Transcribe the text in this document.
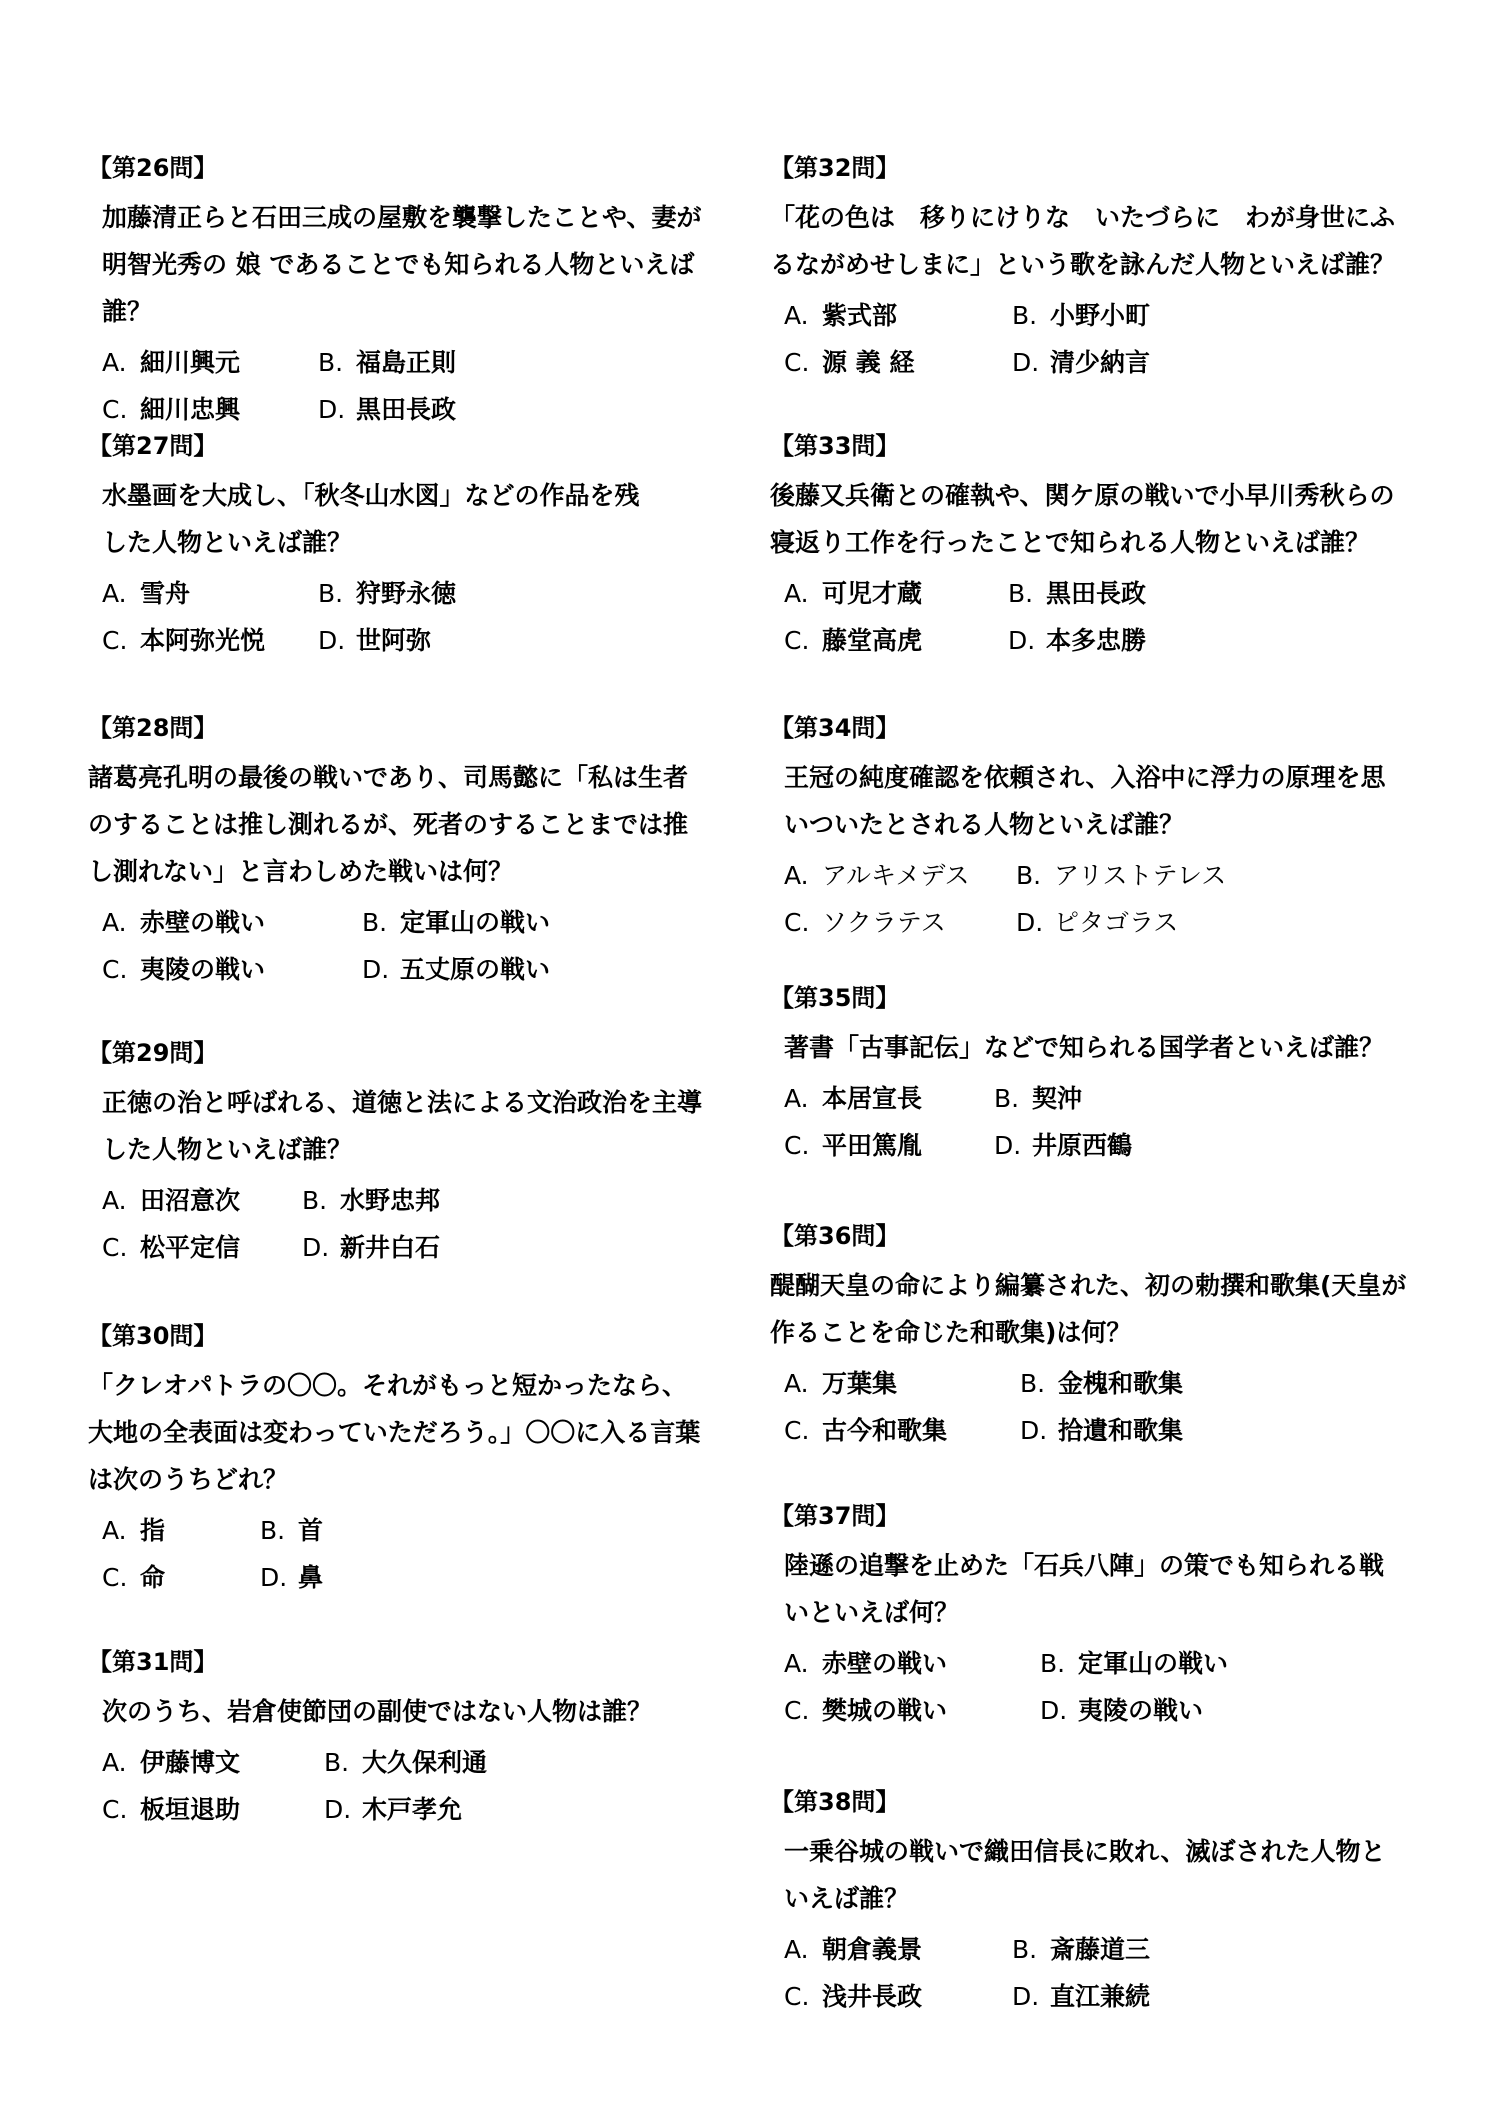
【第26問】
加藤清正らと石田三成の屋敷を襲撃したことや、妻が明智光秀の 娘 であることでも知られる人物といえば誰？
A. 細川興元	B. 福島正則
C. 細川忠興	D. 黒田長政
【第27問】
水墨画を大成し、「秋冬山水図」などの作品を残した人物といえば誰？
A. 雪舟	B. 狩野永徳
C. 本阿弥光悦 D. 世阿弥
【第28問】
諸葛亮孔明の最後の戦いであり、司馬懿に「私は生者のすることは推し測れるが、死者のすることまでは推し測れない」と言わしめた戦いは何？
A. 赤壁の戦い	B. 定軍山の戦い
C. 夷陵の戦い	D. 五丈原の戦い
【第29問】
正徳の治と呼ばれる、道徳と法による文治政治を主導した人物といえば誰？
A. 田沼意次 B. 水野忠邦
C. 松平定信 D. 新井白石
【第30問】
「クレオパトラの〇〇。それがもっと短かったなら、大地の全表面は変わっていただろう。」〇〇に入る言葉は次のうちどれ？
A. 指	B. 首
C. 命	D. 鼻
【第31問】
次のうち、岩倉使節団の副使ではない人物は誰？
A. 伊藤博文	B. 大久保利通
C. 板垣退助	D. 木戸孝允
【第32問】
「花の色は　移りにけりな　いたづらに　わが身世にふるながめせしまに」という歌を詠んだ人物といえば誰？
A. 紫式部	B. 小野小町
C. 源 義 経	D. 清少納言
【第33問】
後藤又兵衛との確執や、関ケ原の戦いで小早川秀秋らの寝返り工作を行ったことで知られる人物といえば誰？
A. 可児才蔵	B. 黒田長政
C. 藤堂高虎	D. 本多忠勝
【第34問】
王冠の純度確認を依頼され、入浴中に浮力の原理を思いついたとされる人物といえば誰？
A. アルキメデス B. アリストテレス
C. ソクラテス	D. ピタゴラス
【第35問】
著書「古事記伝」などで知られる国学者といえば誰？
A. 本居宣長	B. 契沖
C. 平田篤胤	D. 井原西鶴
【第36問】
醍醐天皇の命により編纂された、初の勅撰和歌集(天皇が作ることを命じた和歌集)は何？
A. 万葉集	B. 金槐和歌集
C. 古今和歌集	D. 拾遺和歌集
【第37問】
陸遜の追撃を止めた「石兵八陣」の策でも知られる戦いといえば何？
A. 赤壁の戦い	B. 定軍山の戦い
C. 樊城の戦い	D. 夷陵の戦い
【第38問】
一乗谷城の戦いで織田信長に敗れ、滅ぼされた人物といえば誰？
A. 朝倉義景	B. 斎藤道三
C. 浅井長政	D. 直江兼続
